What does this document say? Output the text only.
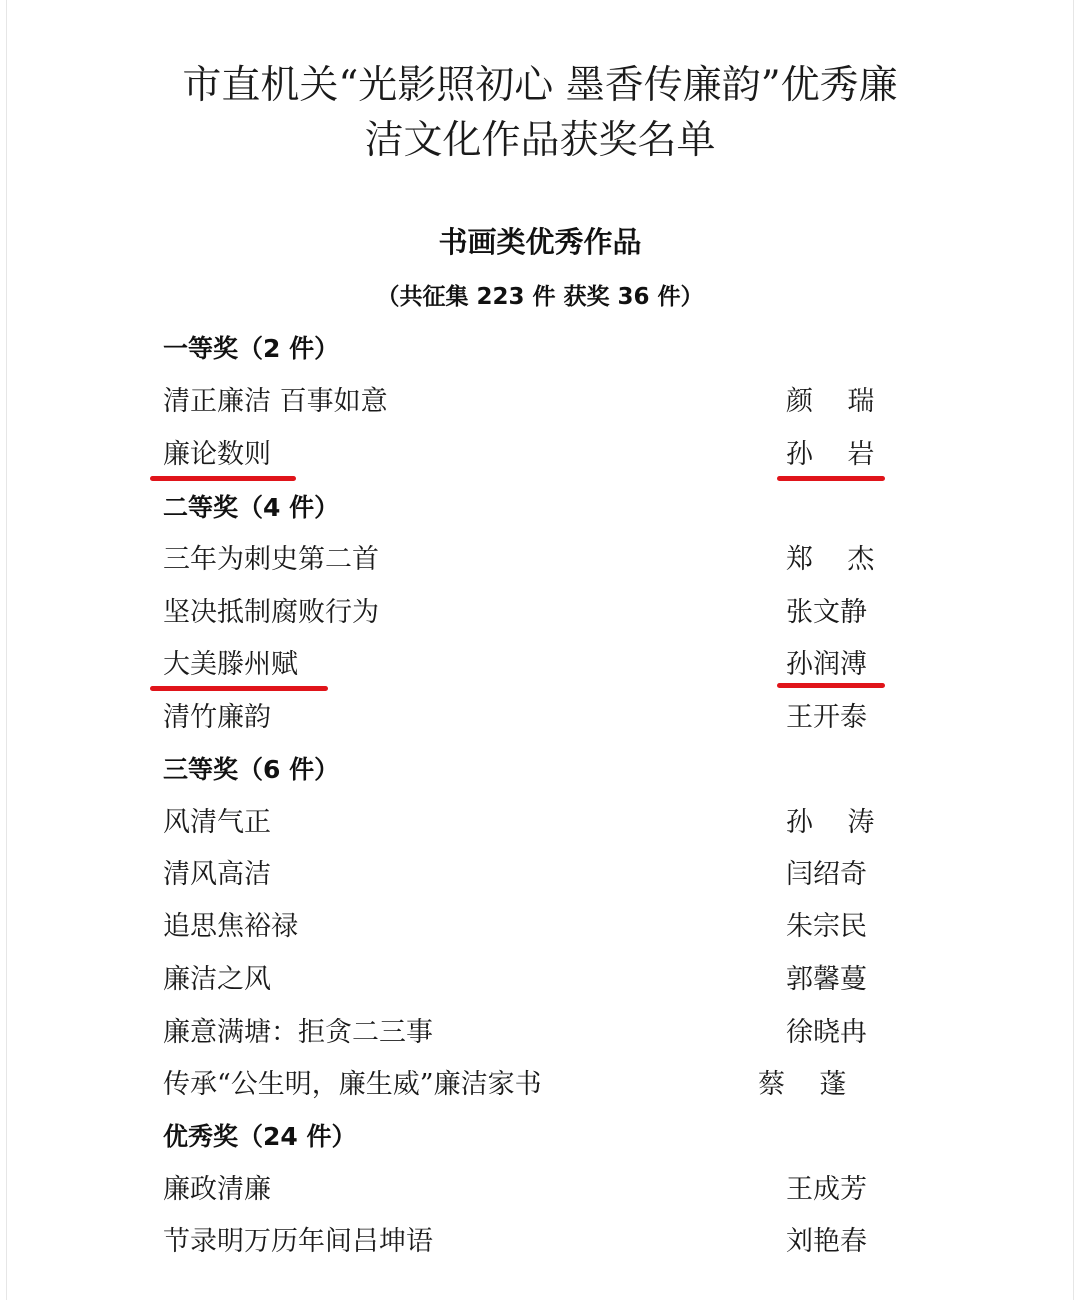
市直机关“光影照初心 墨香传廉韵”优秀廉
洁文化作品获奖名单
书画类优秀作品
（共征集 223 件 获奖 36 件）
一等奖（2 件）
清正廉洁 百事如意	颜    瑞
廉论数则	孙    岩
二等奖（4 件）
三年为刺史第二首	郑    杰
坚决抵制腐败行为	张文静
大美滕州赋	孙润溥
清竹廉韵	王开泰
三等奖（6 件）
风清气正	孙    涛
清风高洁	闫绍奇
追思焦裕禄	朱宗民
廉洁之风	郭馨蔓
廉意满塘：拒贪二三事	徐晓冉
传承“公生明，廉生威”廉洁家书	蔡    蓬
优秀奖（24 件）
廉政清廉	王成芳
节录明万历年间吕坤语	刘艳春
